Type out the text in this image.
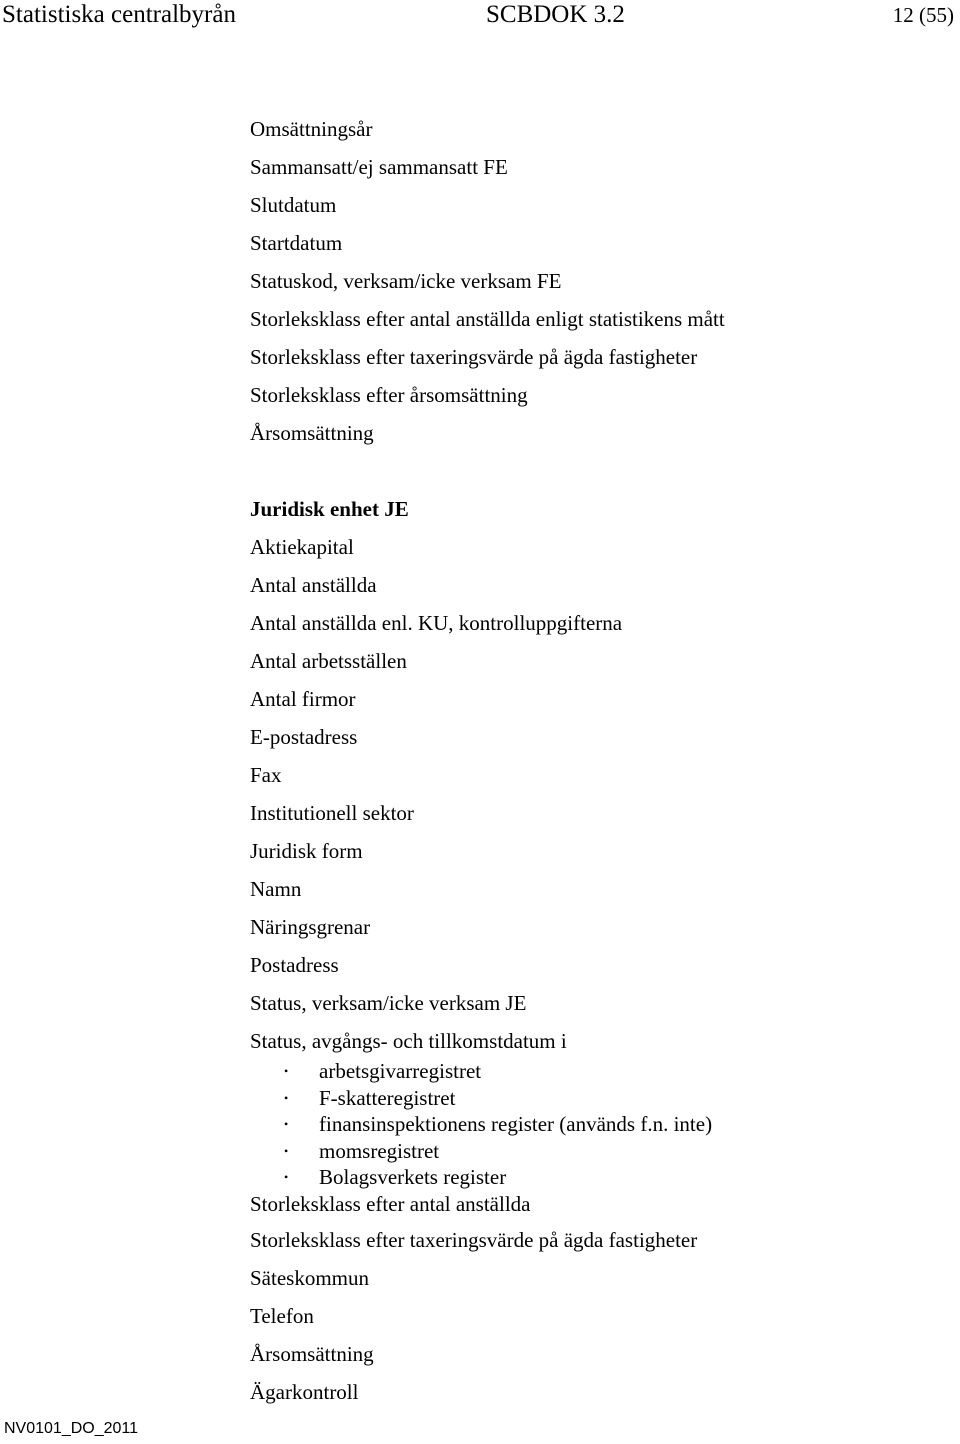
Statistiska centralbyrån	SCBDOK 3.2	12 (55)
Omsättningsår
Sammansatt/ej sammansatt FE
Slutdatum
Startdatum
Statuskod, verksam/icke verksam FE
Storleksklass efter antal anställda enligt statistikens mått
Storleksklass efter taxeringsvärde på ägda fastigheter
Storleksklass efter årsomsättning
Årsomsättning
Juridisk enhet JE
Aktiekapital
Antal anställda
Antal anställda enl. KU, kontrolluppgifterna
Antal arbetsställen
Antal firmor
E-postadress
Fax
Institutionell sektor
Juridisk form
Namn
Näringsgrenar
Postadress
Status, verksam/icke verksam JE
Status, avgångs- och tillkomstdatum i
• arbetsgivarregistret
• F-skatteregistret
• finansinspektionens register (används f.n. inte)
• momsregistret
• Bolagsverkets register
Storleksklass efter antal anställda
Storleksklass efter taxeringsvärde på ägda fastigheter
Säteskommun
Telefon
Årsomsättning
Ägarkontroll
NV0101_DO_2011
